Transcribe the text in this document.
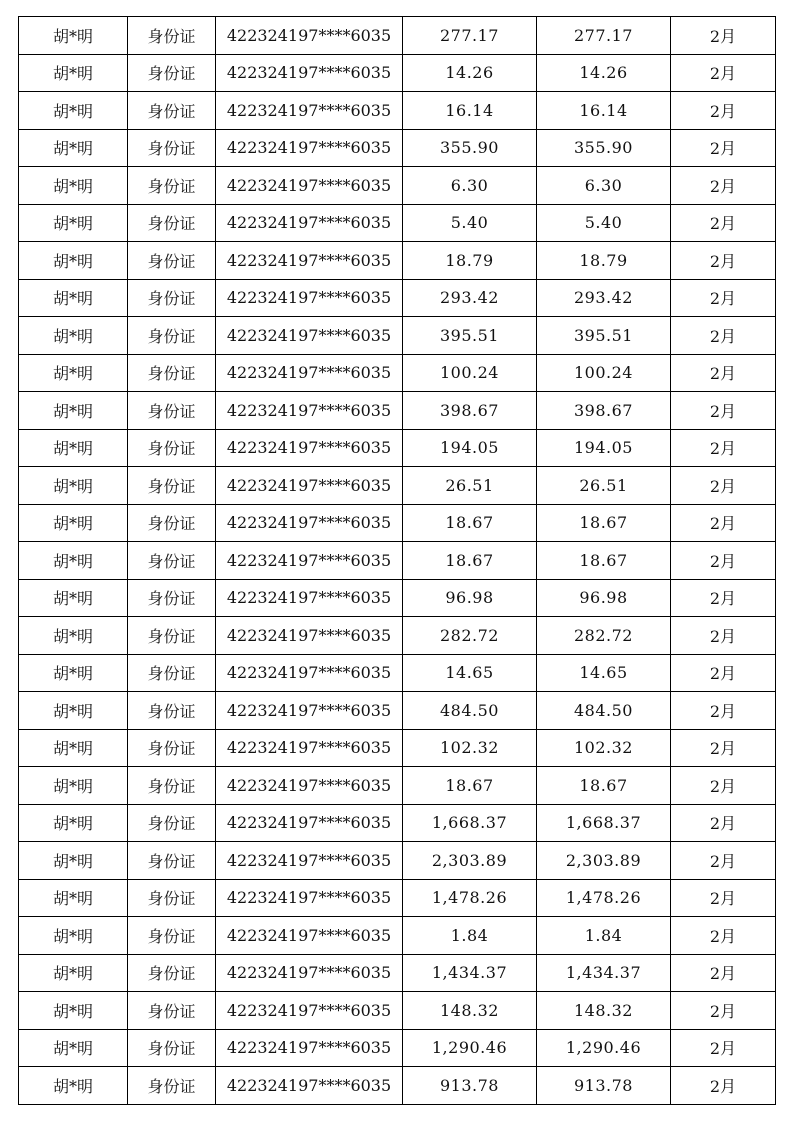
胡*明	身份证	422324197****6035	277.17	277.17	2月
胡*明	身份证	422324197****6035	14.26	14.26	2月
胡*明	身份证	422324197****6035	16.14	16.14	2月
胡*明	身份证	422324197****6035	355.90	355.90	2月
胡*明	身份证	422324197****6035	6.30	6.30	2月
胡*明	身份证	422324197****6035	5.40	5.40	2月
胡*明	身份证	422324197****6035	18.79	18.79	2月
胡*明	身份证	422324197****6035	293.42	293.42	2月
胡*明	身份证	422324197****6035	395.51	395.51	2月
胡*明	身份证	422324197****6035	100.24	100.24	2月
胡*明	身份证	422324197****6035	398.67	398.67	2月
胡*明	身份证	422324197****6035	194.05	194.05	2月
胡*明	身份证	422324197****6035	26.51	26.51	2月
胡*明	身份证	422324197****6035	18.67	18.67	2月
胡*明	身份证	422324197****6035	18.67	18.67	2月
胡*明	身份证	422324197****6035	96.98	96.98	2月
胡*明	身份证	422324197****6035	282.72	282.72	2月
胡*明	身份证	422324197****6035	14.65	14.65	2月
胡*明	身份证	422324197****6035	484.50	484.50	2月
胡*明	身份证	422324197****6035	102.32	102.32	2月
胡*明	身份证	422324197****6035	18.67	18.67	2月
胡*明	身份证	422324197****6035	1,668.37	1,668.37	2月
胡*明	身份证	422324197****6035	2,303.89	2,303.89	2月
胡*明	身份证	422324197****6035	1,478.26	1,478.26	2月
胡*明	身份证	422324197****6035	1.84	1.84	2月
胡*明	身份证	422324197****6035	1,434.37	1,434.37	2月
胡*明	身份证	422324197****6035	148.32	148.32	2月
胡*明	身份证	422324197****6035	1,290.46	1,290.46	2月
胡*明	身份证	422324197****6035	913.78	913.78	2月
